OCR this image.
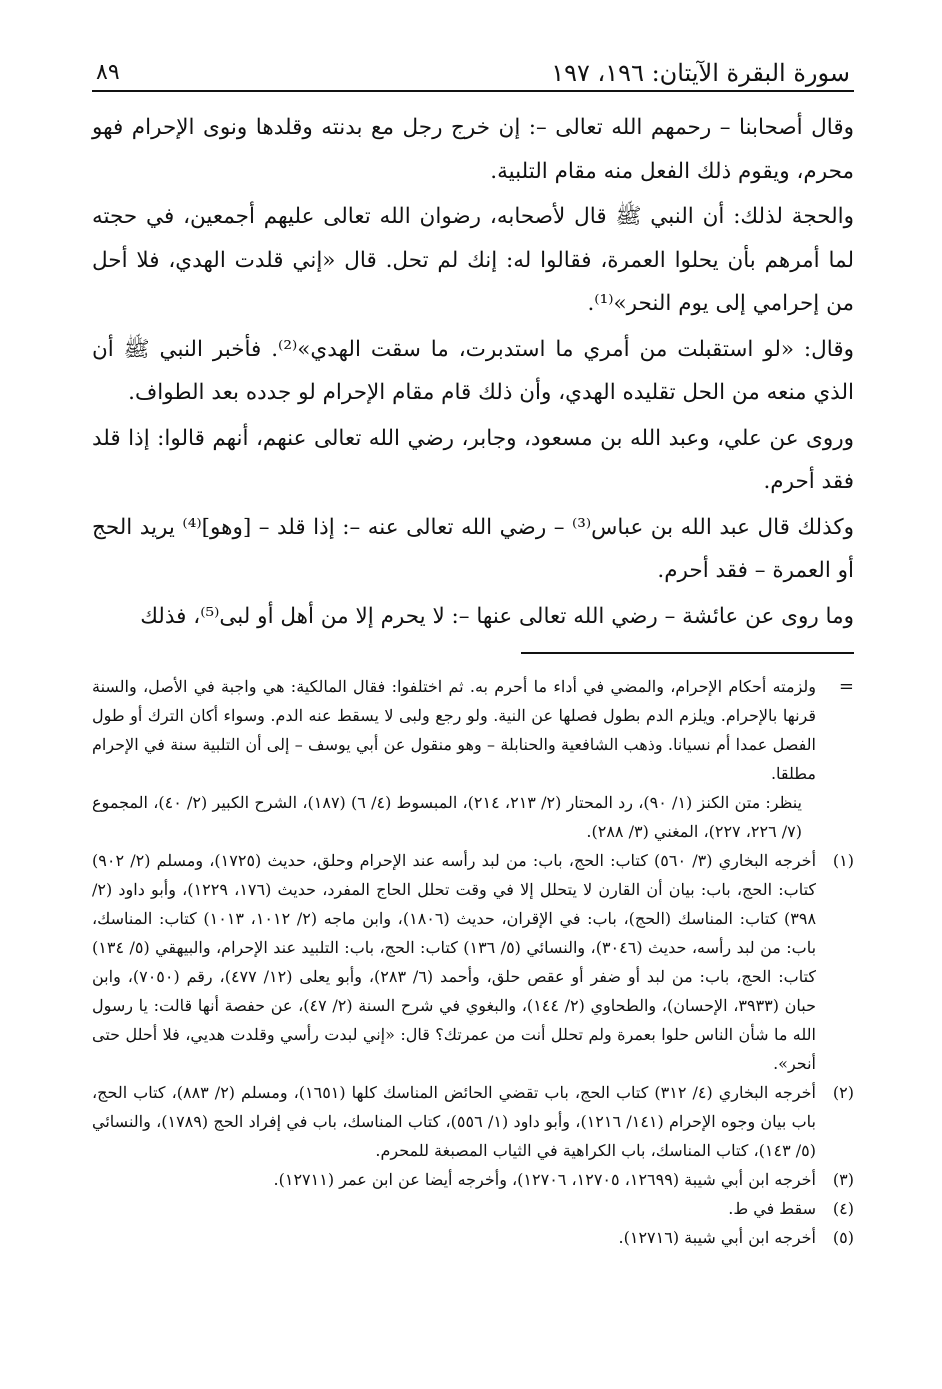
سورة البقرة الآيتان: ١٩٦، ١٩٧
٨٩

وقال أصحابنا – رحمهم الله تعالى –: إن خرج رجل مع بدنته وقلدها ونوى الإحرام فهو محرم، ويقوم ذلك الفعل منه مقام التلبية.

والحجة لذلك: أن النبي ﷺ قال لأصحابه، رضوان الله تعالى عليهم أجمعين، في حجته لما أمرهم بأن يحلوا العمرة، فقالوا له: إنك لم تحل. قال «إني قلدت الهدي، فلا أحل من إحرامي إلى يوم النحر»⁽¹⁾.

وقال: «لو استقبلت من أمري ما استدبرت، ما سقت الهدي»⁽²⁾. فأخبر النبي ﷺ أن الذي منعه من الحل تقليده الهدي، وأن ذلك قام مقام الإحرام لو جدده بعد الطواف.

وروى عن علي، وعبد الله بن مسعود، وجابر، رضي الله تعالى عنهم، أنهم قالوا: إذا قلد فقد أحرم.

وكذلك قال عبد الله بن عباس⁽³⁾ – رضي الله تعالى عنه –: إذا قلد – [وهو]⁽⁴⁾ يريد الحج أو العمرة – فقد أحرم.

وما روى عن عائشة – رضي الله تعالى عنها –: لا يحرم إلا من أهل أو لبى⁽⁵⁾، فذلك

=

ولزمته أحكام الإحرام، والمضي في أداء ما أحرم به. ثم اختلفوا: فقال المالكية: هي واجبة في الأصل، والسنة قرنها بالإحرام. ويلزم الدم بطول فصلها عن النية. ولو رجع ولبى لا يسقط عنه الدم. وسواء أكان الترك أو طول الفصل عمدا أم نسيانا. وذهب الشافعية والحنابلة – وهو منقول عن أبي يوسف – إلى أن التلبية سنة في الإحرام مطلقا.

ينظر: متن الكنز (١/ ٩٠)، رد المحتار (٢/ ٢١٣، ٢١٤)، المبسوط (٤/ ٦) (١٨٧)، الشرح الكبير (٢/ ٤٠)، المجموع (٧/ ٢٢٦، ٢٢٧)، المغني (٣/ ٢٨٨).

(١)

أخرجه البخاري (٣/ ٥٦٠) كتاب: الحج، باب: من لبد رأسه عند الإحرام وحلق، حديث (١٧٢٥)، ومسلم (٢/ ٩٠٢) كتاب: الحج، باب: بيان أن القارن لا يتحلل إلا في وقت تحلل الحاج المفرد، حديث (١٧٦، ١٢٢٩)، وأبو داود (٢/ ٣٩٨) كتاب: المناسك (الحج)، باب: في الإقران، حديث (١٨٠٦)، وابن ماجه (٢/ ١٠١٢، ١٠١٣) كتاب: المناسك، باب: من لبد رأسه، حديث (٣٠٤٦)، والنسائي (٥/ ١٣٦) كتاب: الحج، باب: التلبيد عند الإحرام، والبيهقي (٥/ ١٣٤) كتاب: الحج، باب: من لبد أو ضفر أو عقص حلق، وأحمد (٦/ ٢٨٣)، وأبو يعلى (١٢/ ٤٧٧)، رقم (٧٠٥٠)، وابن حبان (٣٩٣٣، الإحسان)، والطحاوي (٢/ ١٤٤)، والبغوي في شرح السنة (٢/ ٤٧)، عن حفصة أنها قالت: يا رسول الله ما شأن الناس حلوا بعمرة ولم تحلل أنت من عمرتك؟ قال: «إني لبدت رأسي وقلدت هديي، فلا أحلل حتى أنحر».

(٢)

أخرجه البخاري (٤/ ٣١٢) كتاب الحج، باب تقضي الحائض المناسك كلها (١٦٥١)، ومسلم (٢/ ٨٨٣)، كتاب الحج، باب بيان وجوه الإحرام (١٤١/ ١٢١٦)، وأبو داود (١/ ٥٥٦)، كتاب المناسك، باب في إفراد الحج (١٧٨٩)، والنسائي (٥/ ١٤٣)، كتاب المناسك، باب الكراهية في الثياب المصبغة للمحرم.

(٣)

أخرجه ابن أبي شيبة (١٢٦٩٩، ١٢٧٠٥، ١٢٧٠٦)، وأخرجه أيضا عن ابن عمر (١٢٧١١).

(٤)

سقط في ط.

(٥)

أخرجه ابن أبي شيبة (١٢٧١٦).
